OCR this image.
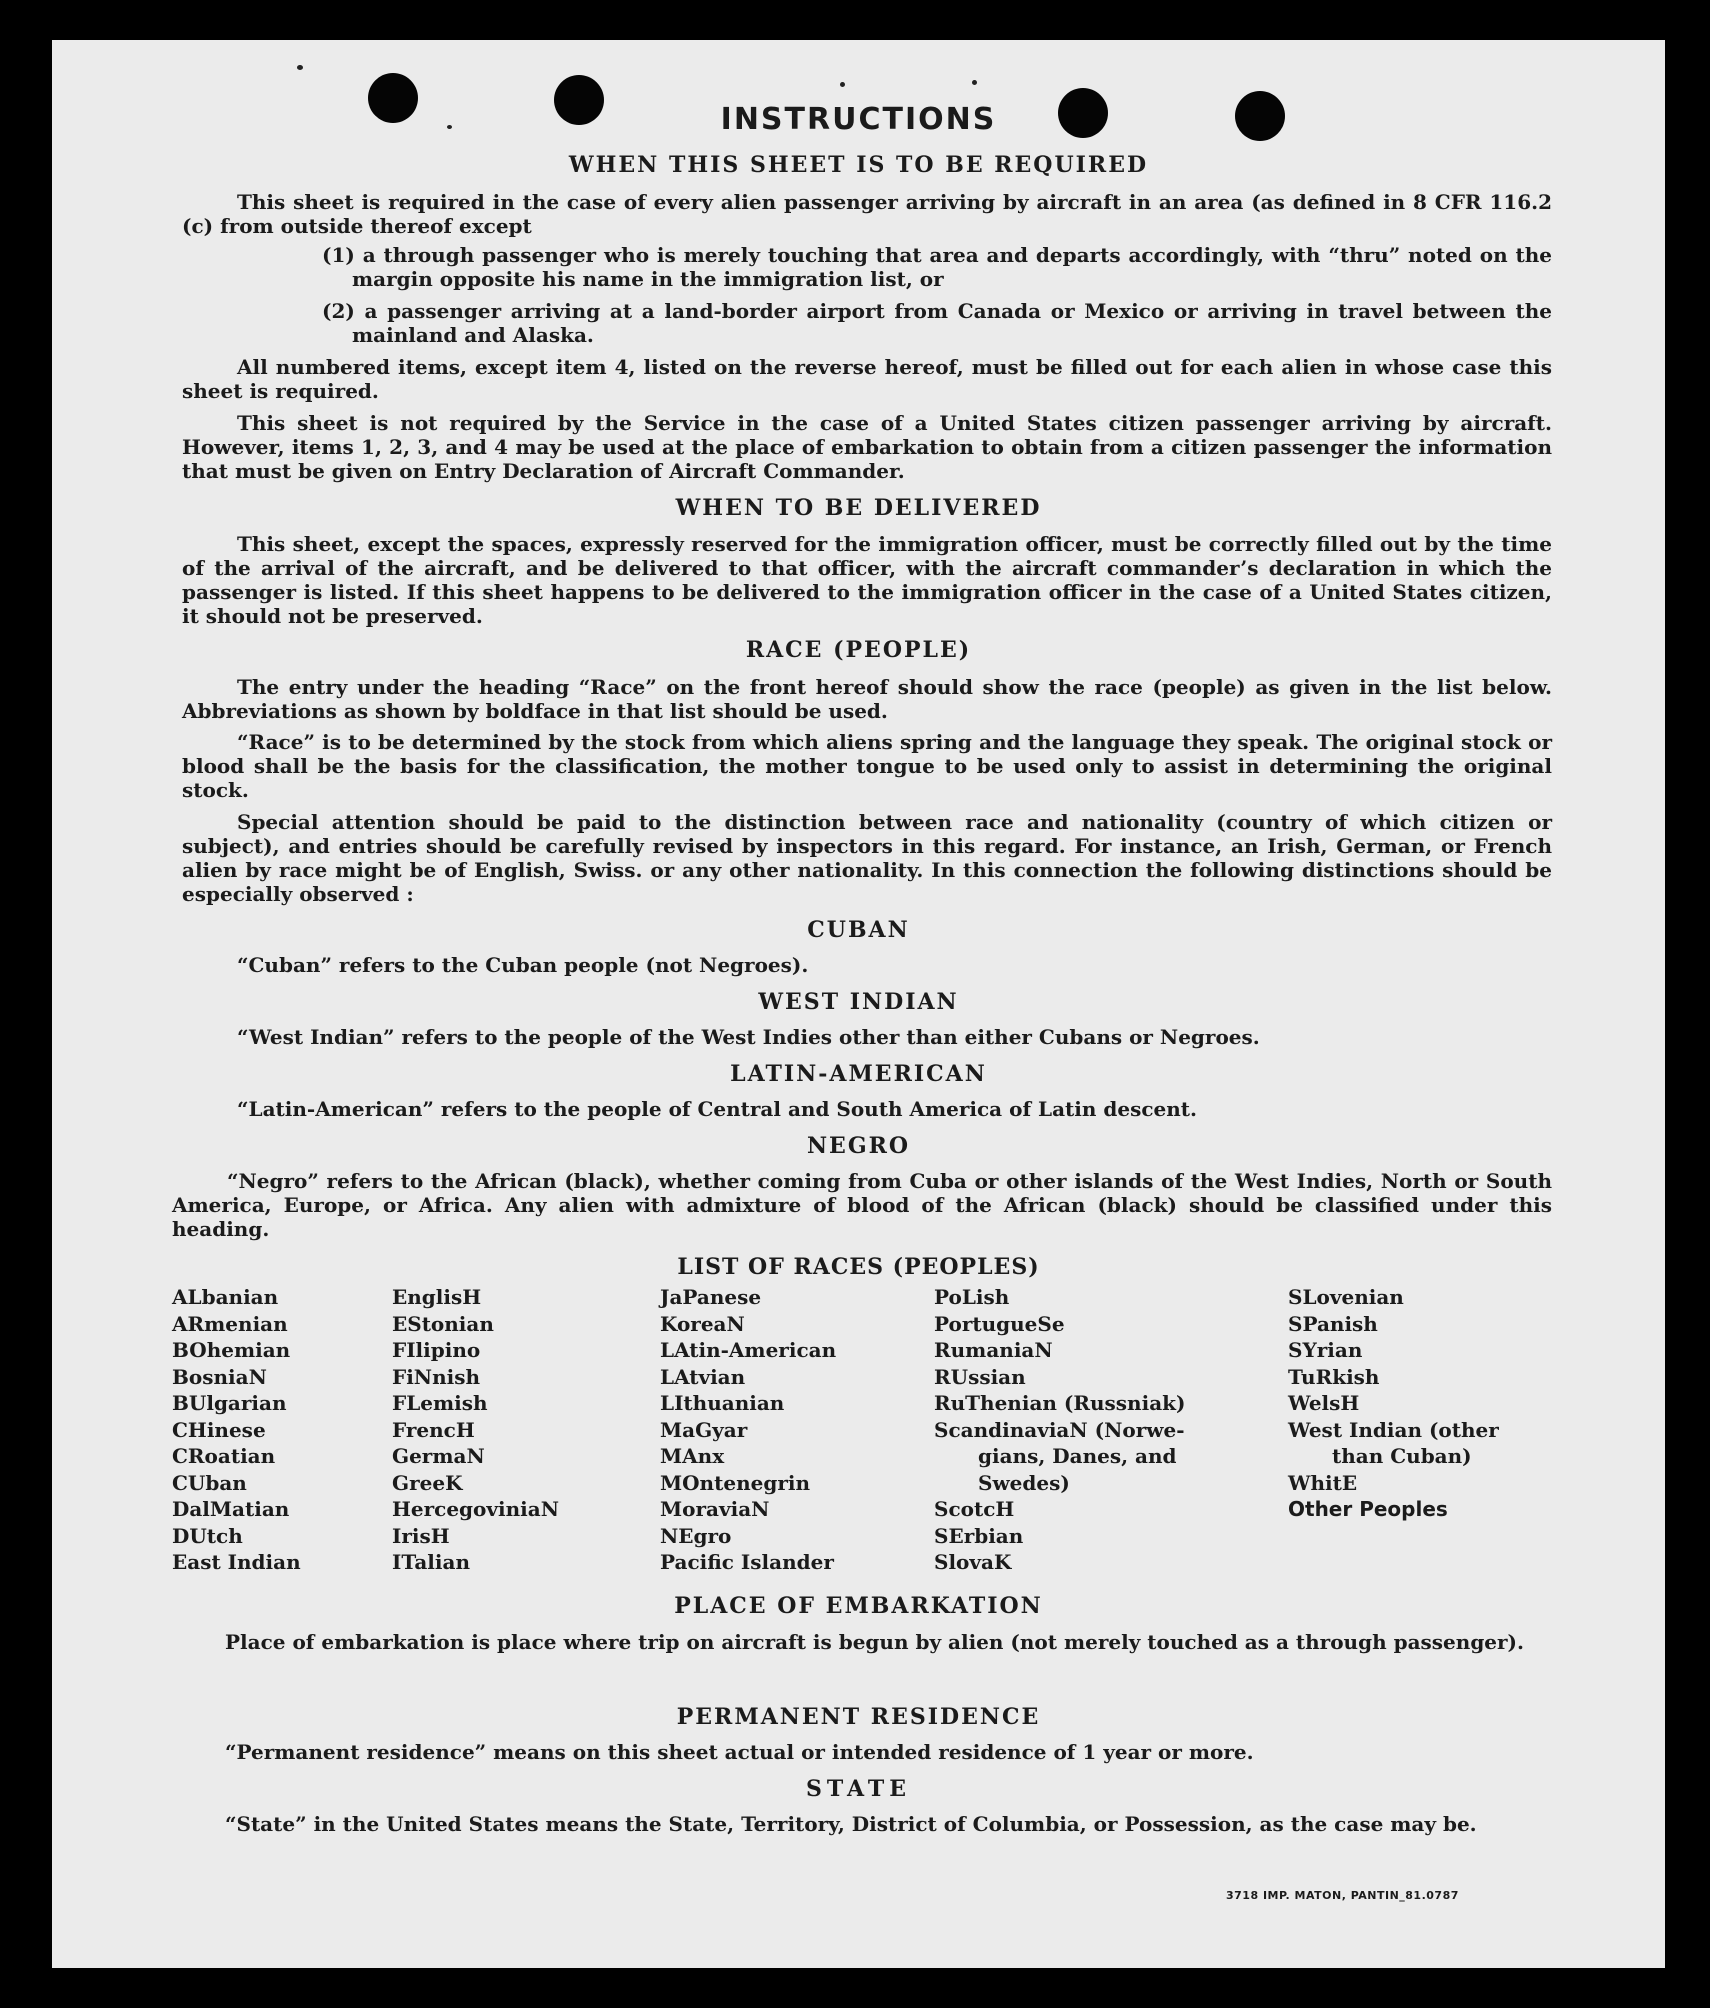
INSTRUCTIONS
WHEN THIS SHEET IS TO BE REQUIRED

This sheet is required in the case of every alien passenger arriving by aircraft in an area (as defined in 8 CFR 116.2 (c) from outside thereof except

(1) a through passenger who is merely touching that area and departs accordingly, with “thru” noted on the margin opposite his name in the immigration list, or

(2) a passenger arriving at a land-border airport from Canada or Mexico or arriving in travel between the mainland and Alaska.

All numbered items, except item 4, listed on the reverse hereof, must be filled out for each alien in whose case this sheet is required.

This sheet is not required by the Service in the case of a United States citizen passenger arriving by aircraft. However, items 1, 2, 3, and 4 may be used at the place of embarkation to obtain from a citizen passenger the information that must be given on Entry Declaration of Aircraft Commander.

WHEN TO BE DELIVERED

This sheet, except the spaces, expressly reserved for the immigration officer, must be correctly filled out by the time of the arrival of the aircraft, and be delivered to that officer, with the aircraft commander’s declaration in which the passenger is listed. If this sheet happens to be delivered to the immigration officer in the case of a United States citizen, it should not be preserved.

RACE (PEOPLE)

The entry under the heading “Race” on the front hereof should show the race (people) as given in the list below. Abbreviations as shown by boldface in that list should be used.

“Race” is to be determined by the stock from which aliens spring and the language they speak. The original stock or blood shall be the basis for the classification, the mother tongue to be used only to assist in determining the original stock.

Special attention should be paid to the distinction between race and nationality (country of which citizen or subject), and entries should be carefully revised by inspectors in this regard. For instance, an Irish, German, or French alien by race might be of English, Swiss. or any other nationality. In this connection the following distinctions should be especially observed :

CUBAN

“Cuban” refers to the Cuban people (not Negroes).

WEST INDIAN

“West Indian” refers to the people of the West Indies other than either Cubans or Negroes.

LATIN-AMERICAN

“Latin-American” refers to the people of Central and South America of Latin descent.

NEGRO

“Negro” refers to the African (black), whether coming from Cuba or other islands of the West Indies, North or South America, Europe, or Africa. Any alien with admixture of blood of the African (black) should be classified under this heading.

LIST OF RACES (PEOPLES)
ALbanian
ARmenian
BOhemian
BosniaN
BUlgarian
CHinese
CRoatian
CUban
DalMatian
DUtch
East Indian
EnglisH
EStonian
FIlipino
FiNnish
FLemish
FrencH
GermaN
GreeK
HercegoviniaN
IrisH
ITalian
JaPanese
KoreaN
LAtin-American
LAtvian
LIthuanian
MaGyar
MAnx
MOntenegrin
MoraviaN
NEgro
Pacific Islander
PoLish
PortugueSe
RumaniaN
RUssian
RuThenian (Russniak)
ScandinaviaN (Norwe-
gians, Danes, and
Swedes)
ScotcH
SErbian
SlovaK
SLovenian
SPanish
SYrian
TuRkish
WelsH
West Indian (other
than Cuban)
WhitE
Other Peoples
PLACE OF EMBARKATION

Place of embarkation is place where trip on aircraft is begun by alien (not merely touched as a through passenger).

PERMANENT RESIDENCE

“Permanent residence” means on this sheet actual or intended residence of 1 year or more.

STATE

“State” in the United States means the State, Territory, District of Columbia, or Possession, as the case may be.

3718 IMP. MATON, PANTIN_81.0787
